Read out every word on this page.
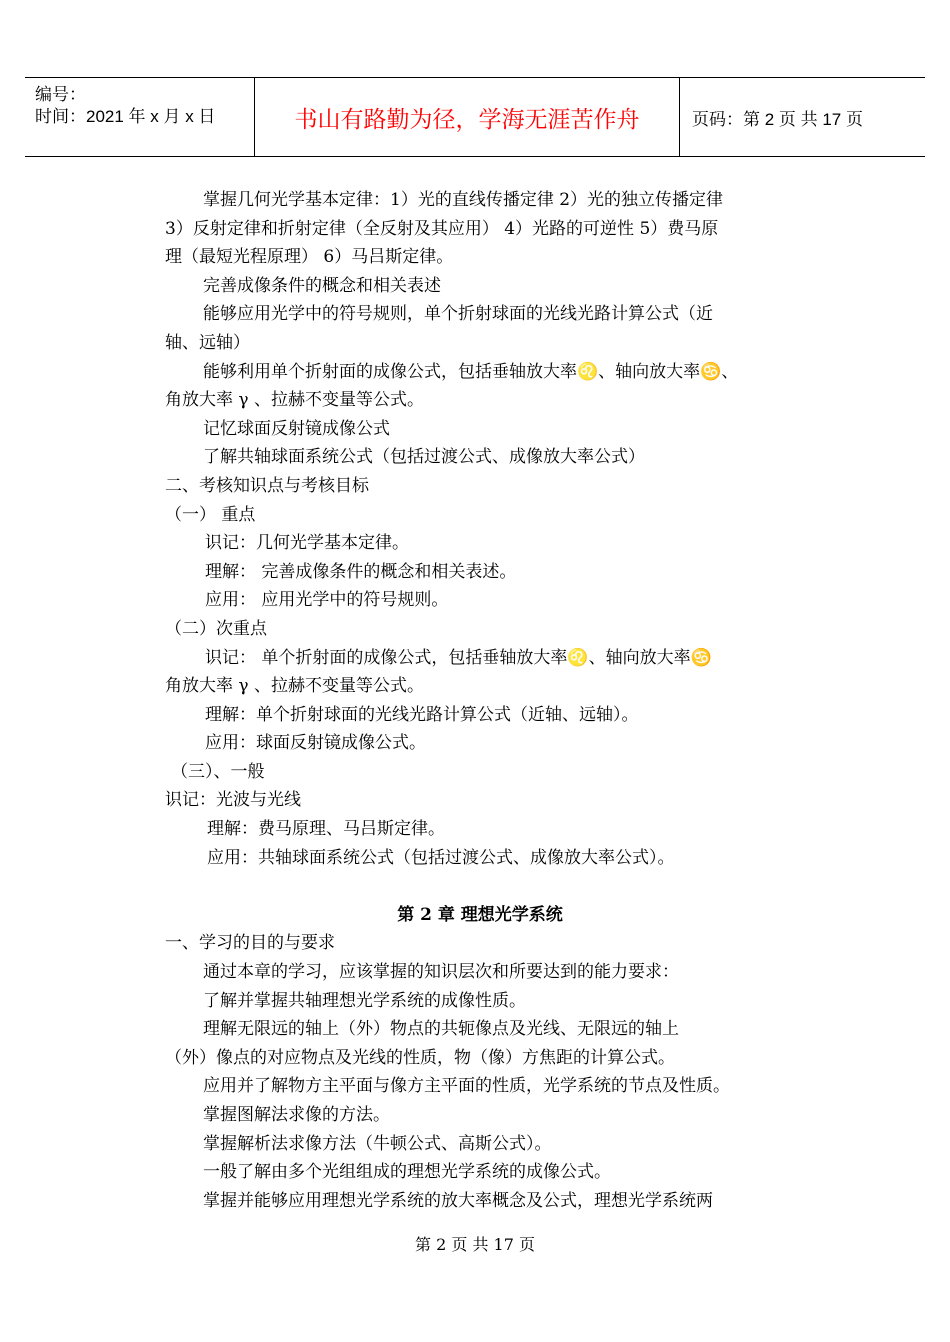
编号：
时间：2021 年 x 月 x 日	书山有路勤为径，学海无涯苦作舟	页码：第 2 页 共 17 页
掌握几何光学基本定律：1）光的直线传播定律 2）光的独立传播定律
3）反射定律和折射定律（全反射及其应用） 4）光路的可逆性 5）费马原
理（最短光程原理） 6）马吕斯定律。
完善成像条件的概念和相关表述
能够应用光学中的符号规则，单个折射球面的光线光路计算公式（近
轴、远轴）
能够利用单个折射面的成像公式，包括垂轴放大率♌、轴向放大率♋、
角放大率 γ 、拉赫不变量等公式。
记忆球面反射镜成像公式
了解共轴球面系统公式（包括过渡公式、成像放大率公式）
二、考核知识点与考核目标
（一） 重点
识记：几何光学基本定律。
理解： 完善成像条件的概念和相关表述。
应用： 应用光学中的符号规则。
（二）次重点
识记： 单个折射面的成像公式，包括垂轴放大率♌、轴向放大率♋
角放大率 γ 、拉赫不变量等公式。
理解：单个折射球面的光线光路计算公式（近轴、远轴）。
应用：球面反射镜成像公式。
（三）、一般
识记：光波与光线
理解：费马原理、马吕斯定律。
应用：共轴球面系统公式（包括过渡公式、成像放大率公式）。
第 2 章 理想光学系统
一、学习的目的与要求
通过本章的学习，应该掌握的知识层次和所要达到的能力要求：
了解并掌握共轴理想光学系统的成像性质。
理解无限远的轴上（外）物点的共轭像点及光线、无限远的轴上
（外）像点的对应物点及光线的性质，物（像）方焦距的计算公式。
应用并了解物方主平面与像方主平面的性质，光学系统的节点及性质。
掌握图解法求像的方法。
掌握解析法求像方法（牛顿公式、高斯公式）。
一般了解由多个光组组成的理想光学系统的成像公式。
掌握并能够应用理想光学系统的放大率概念及公式，理想光学系统两
第 2 页 共 17 页
